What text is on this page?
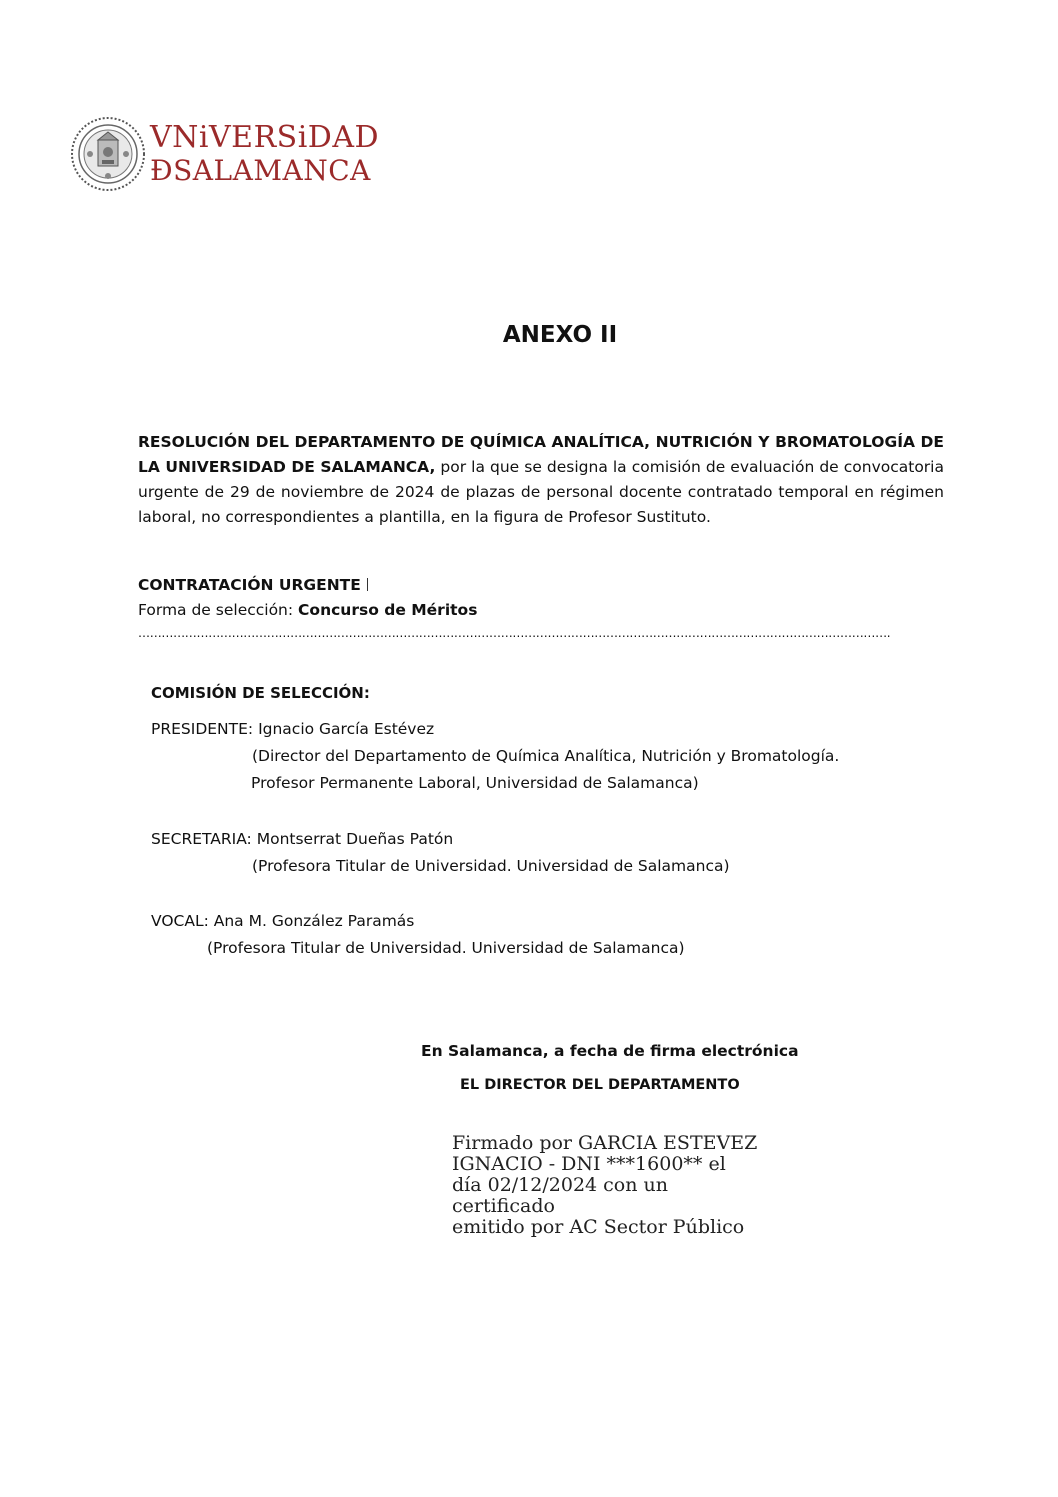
VNiVERSiDAD
ÐSALAMANCA
ANEXO II

RESOLUCIÓN DEL DEPARTAMENTO DE QUÍMICA ANALÍTICA, NUTRICIÓN Y BROMATOLOGÍA DE LA UNIVERSIDAD DE SALAMANCA, por la que se designa la comisión de evaluación de convocatoria urgente de 29 de noviembre de 2024 de plazas de personal docente contratado temporal en régimen laboral, no correspondientes a plantilla, en la figura de Profesor Sustituto.

CONTRATACIÓN URGENTE
Forma de selección: Concurso de Méritos
………………………………………………………………………………………………………………………………………………………………………….
COMISIÓN DE SELECCIÓN:
PRESIDENTE: Ignacio García Estévez
(Director del Departamento de Química Analítica, Nutrición y Bromatología.
Profesor Permanente Laboral, Universidad de Salamanca)
SECRETARIA: Montserrat Dueñas Patón
(Profesora Titular de Universidad. Universidad de Salamanca)
VOCAL: Ana M. González Paramás
(Profesora Titular de Universidad. Universidad de Salamanca)
En Salamanca, a fecha de firma electrónica
EL DIRECTOR DEL DEPARTAMENTO
Firmado por GARCIA ESTEVEZ
IGNACIO - DNI ***1600** el
día 02/12/2024 con un certificado
emitido por AC Sector Público
